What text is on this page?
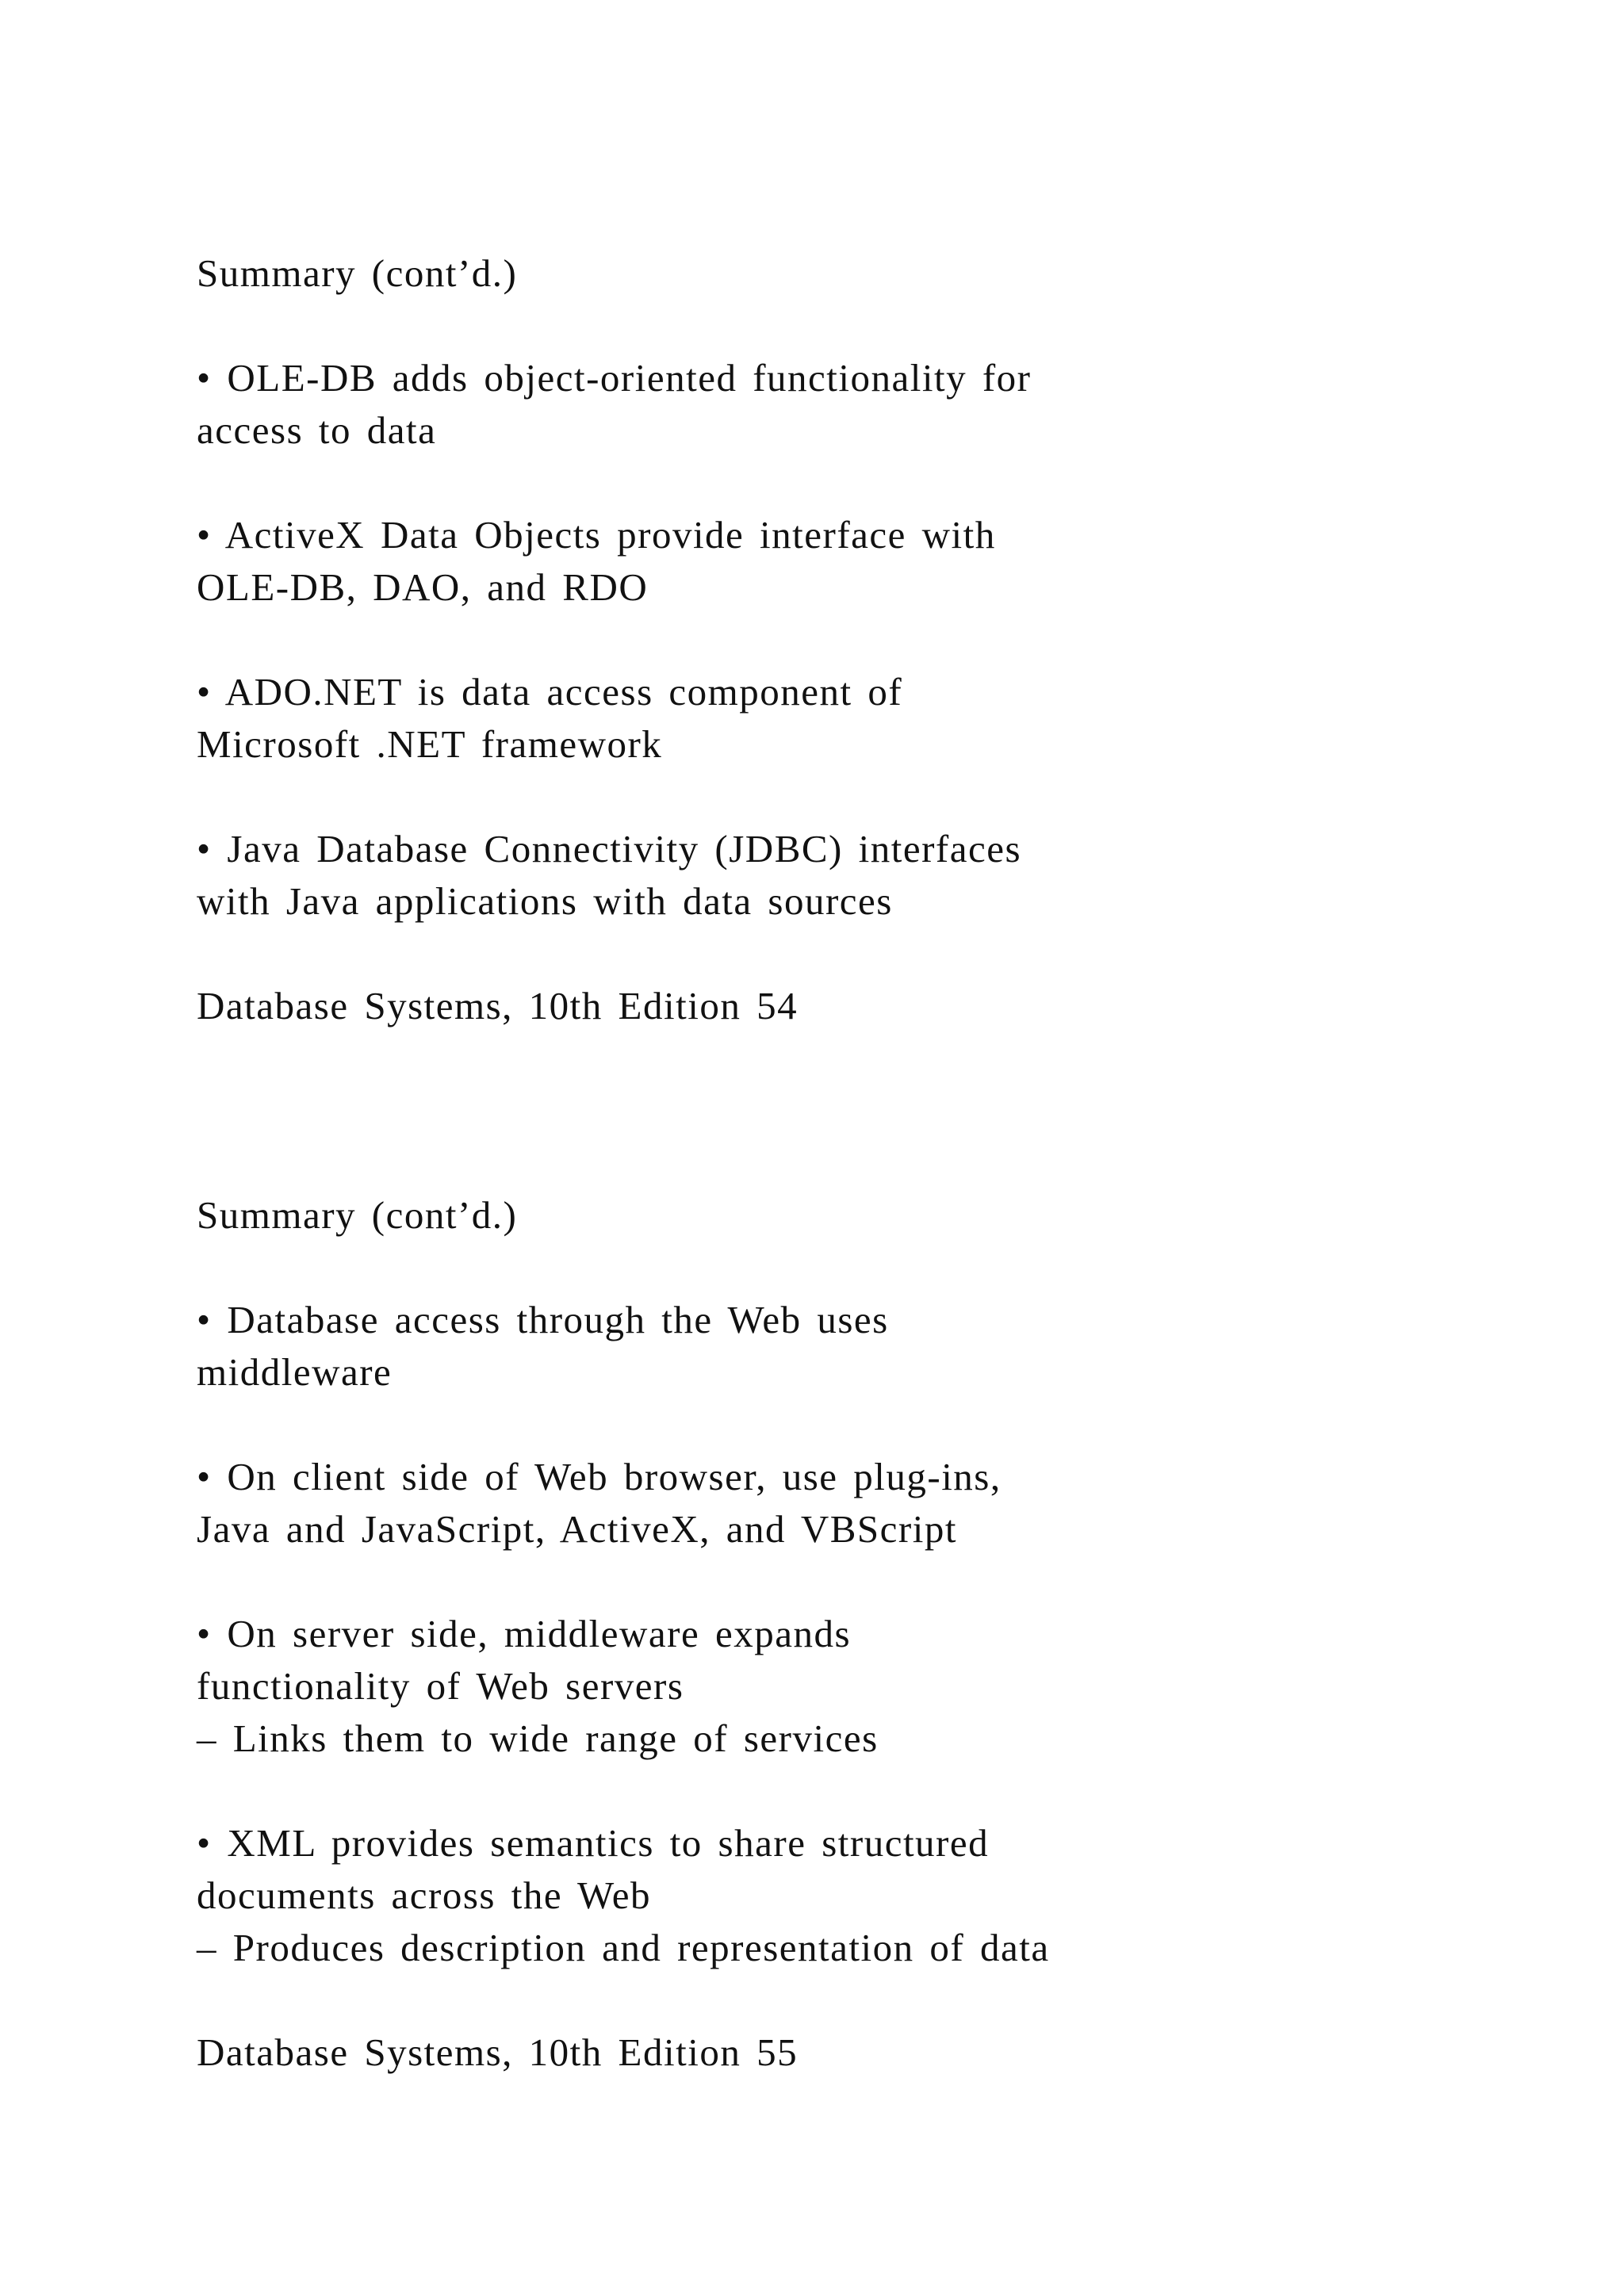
Summary (cont’d.)
• OLE-DB adds object-oriented functionality for
access to data
• ActiveX Data Objects provide interface with
OLE-DB, DAO, and RDO
• ADO.NET is data access component of
Microsoft .NET framework
• Java Database Connectivity (JDBC) interfaces
with Java applications with data sources
Database Systems, 10th Edition 54
Summary (cont’d.)
• Database access through the Web uses
middleware
• On client side of Web browser, use plug-ins,
Java and JavaScript, ActiveX, and VBScript
• On server side, middleware expands
functionality of Web servers
– Links them to wide range of services
• XML provides semantics to share structured
documents across the Web
– Produces description and representation of data
Database Systems, 10th Edition 55
